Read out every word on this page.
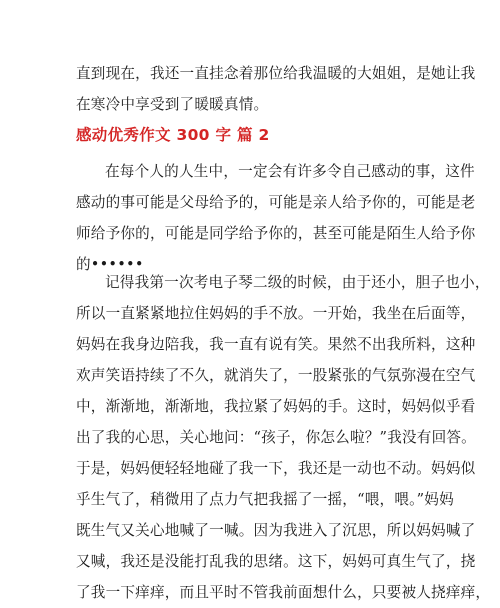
直到现在，我还一直挂念着那位给我温暖的大姐姐，是她让我
在寒冷中享受到了暖暖真情。

感动优秀作文 300 字 篇 2

在每个人的人生中，一定会有许多令自己感动的事，这件
感动的事可能是父母给予的，可能是亲人给予你的，可能是老
师给予你的，可能是同学给予你的，甚至可能是陌生人给予你
的••••••

记得我第一次考电子琴二级的时候，由于还小，胆子也小，
所以一直紧紧地拉住妈妈的手不放。一开始，我坐在后面等，
妈妈在我身边陪我，我一直有说有笑。果然不出我所料，这种
欢声笑语持续了不久，就消失了，一股紧张的气氛弥漫在空气
中，渐渐地，渐渐地，我拉紧了妈妈的手。这时，妈妈似乎看
出了我的心思，关心地问：“孩子，你怎么啦？”我没有回答。
于是，妈妈便轻轻地碰了我一下，我还是一动也不动。妈妈似
乎生气了，稍微用了点力气把我摇了一摇，“喂，喂。”妈妈
既生气又关心地喊了一喊。因为我进入了沉思，所以妈妈喊了
又喊，我还是没能打乱我的思绪。这下，妈妈可真生气了，挠
了我一下痒痒，而且平时不管我前面想什么，只要被人挠痒痒，
